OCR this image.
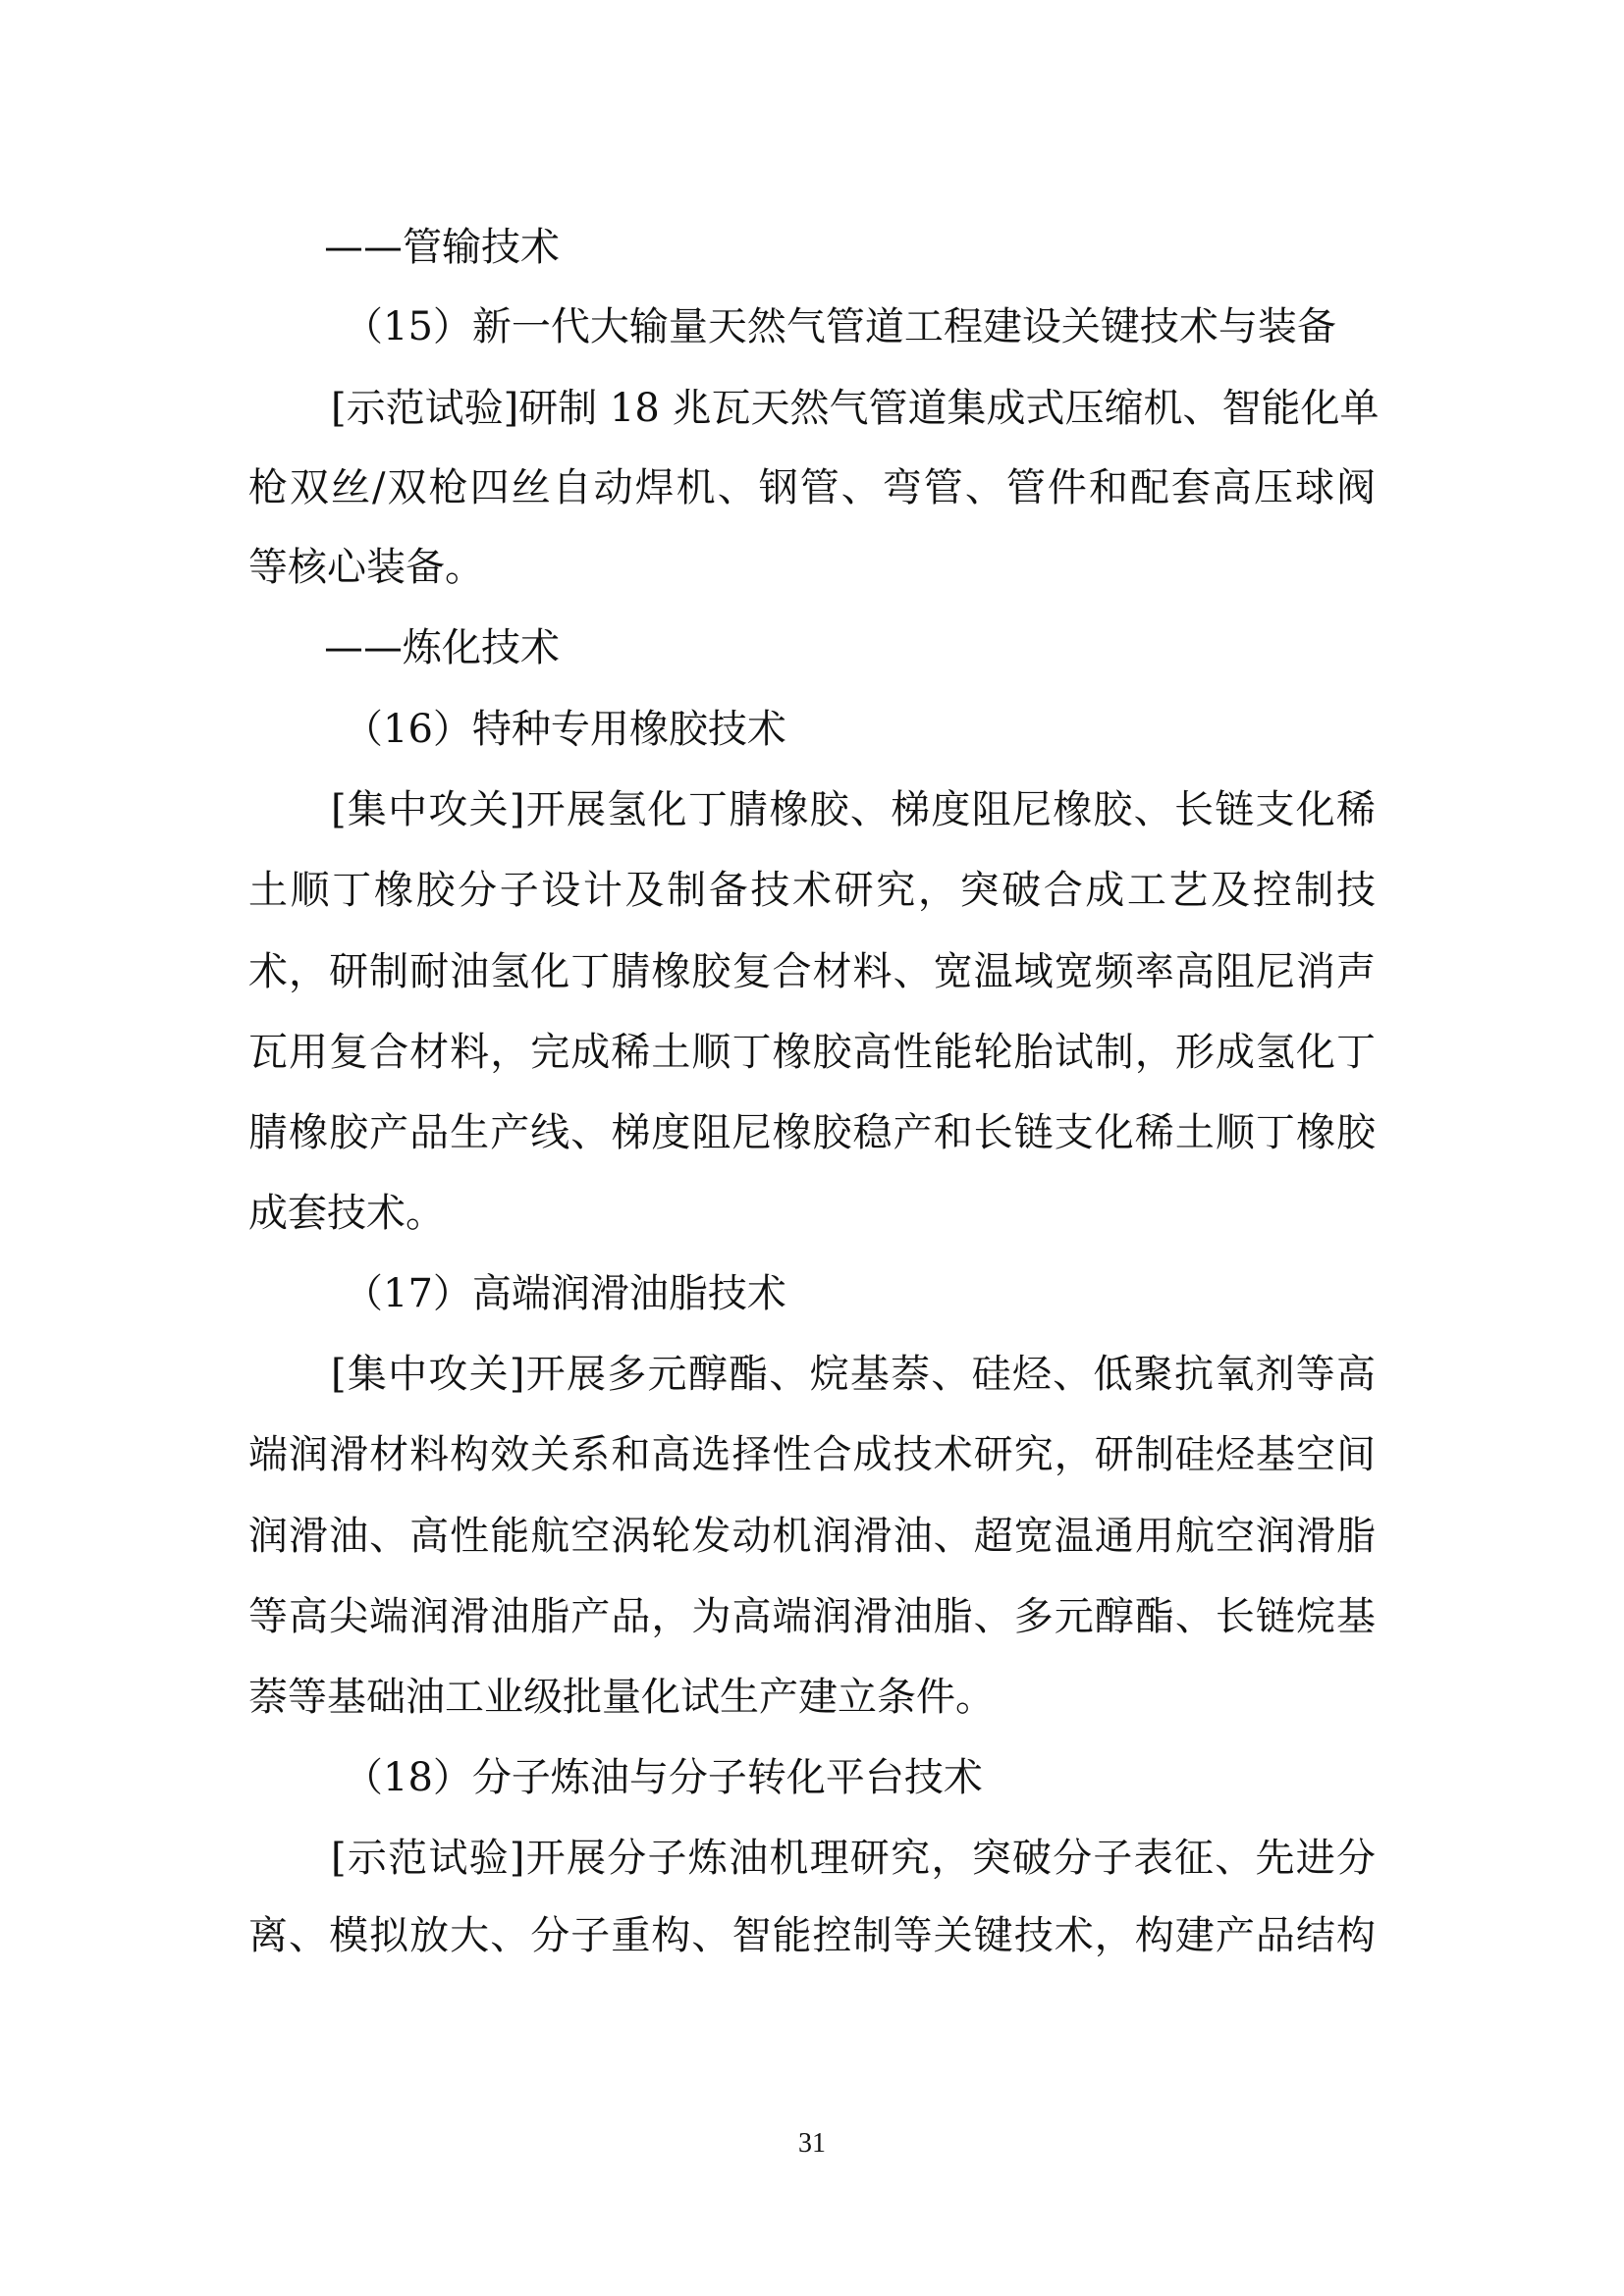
——管输技术
（15）新一代大输量天然气管道工程建设关键技术与装备
[示范试验]研制 18 兆瓦天然气管道集成式压缩机、智能化单
枪双丝/双枪四丝自动焊机、钢管、弯管、管件和配套高压球阀
等核心装备。
——炼化技术
（16）特种专用橡胶技术
[集中攻关]开展氢化丁腈橡胶、梯度阻尼橡胶、长链支化稀
土顺丁橡胶分子设计及制备技术研究，突破合成工艺及控制技
术，研制耐油氢化丁腈橡胶复合材料、宽温域宽频率高阻尼消声
瓦用复合材料，完成稀土顺丁橡胶高性能轮胎试制，形成氢化丁
腈橡胶产品生产线、梯度阻尼橡胶稳产和长链支化稀土顺丁橡胶
成套技术。
（17）高端润滑油脂技术
[集中攻关]开展多元醇酯、烷基萘、硅烃、低聚抗氧剂等高
端润滑材料构效关系和高选择性合成技术研究，研制硅烃基空间
润滑油、高性能航空涡轮发动机润滑油、超宽温通用航空润滑脂
等高尖端润滑油脂产品，为高端润滑油脂、多元醇酯、长链烷基
萘等基础油工业级批量化试生产建立条件。
（18）分子炼油与分子转化平台技术
[示范试验]开展分子炼油机理研究，突破分子表征、先进分
离、模拟放大、分子重构、智能控制等关键技术，构建产品结构
31
